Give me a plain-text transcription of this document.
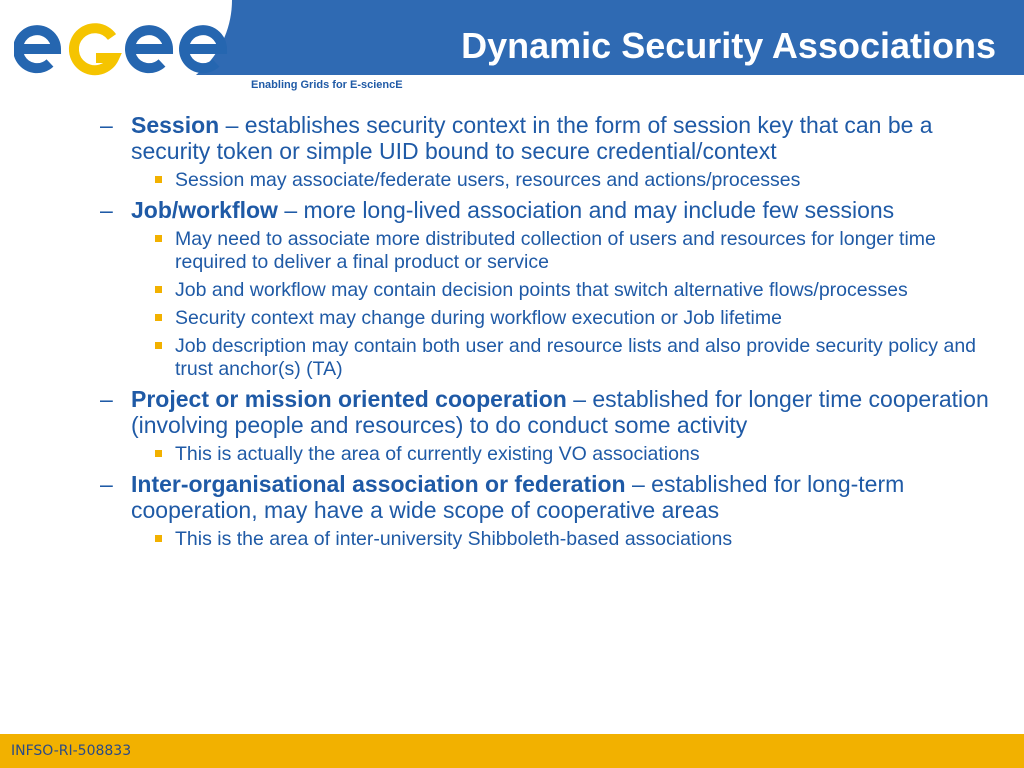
Enabling Grids for E-sciencE
Dynamic Security Associations
– Session – establishes security context in the form of session key that can be a security token or simple UID bound to secure credential/context
Session may associate/federate users, resources and actions/processes
– Job/workflow – more long-lived association and may include few sessions
May need to associate more distributed collection of users and resources for longer time required to deliver a final product or service
Job and workflow may contain decision points that switch alternative flows/processes
Security context may change during workflow execution or Job lifetime
Job description may contain both user and resource lists and also provide security policy and trust anchor(s) (TA)
– Project or mission oriented cooperation – established for longer time cooperation (involving people and resources) to do conduct some activity
This is actually the area of currently existing VO associations
– Inter-organisational association or federation – established for long-term cooperation, may have a wide scope of cooperative areas
This is the area of inter-university Shibboleth-based associations
INFSO-RI-508833
